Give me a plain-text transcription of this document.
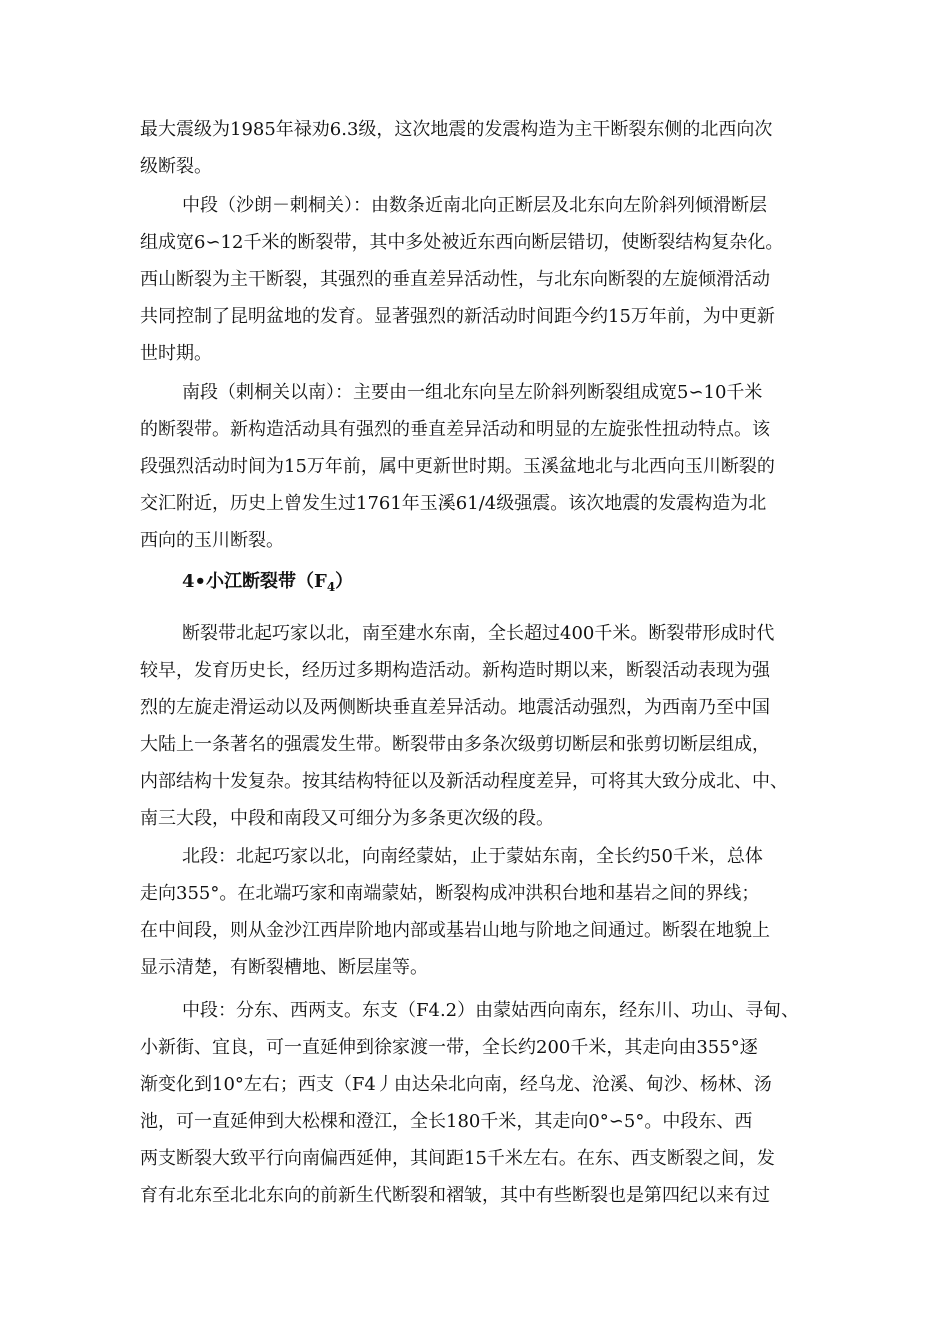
最大震级为1985年禄劝6.3级，这次地震的发震构造为主干断裂东侧的北西向次
级断裂。
中段（沙朗－剌桐关）：由数条近南北向正断层及北东向左阶斜列倾滑断层
组成宽6∽12千米的断裂带，其中多处被近东西向断层错切，使断裂结构复杂化。
西山断裂为主干断裂，其强烈的垂直差异活动性，与北东向断裂的左旋倾滑活动
共同控制了昆明盆地的发育。显著强烈的新活动时间距今约15万年前，为中更新
世时期。
南段（剌桐关以南）：主要由一组北东向呈左阶斜列断裂组成宽5∽10千米
的断裂带。新构造活动具有强烈的垂直差异活动和明显的左旋张性扭动特点。该
段强烈活动时间为15万年前，属中更新世时期。玉溪盆地北与北西向玉川断裂的
交汇附近，历史上曾发生过1761年玉溪61/4级强震。该次地震的发震构造为北
西向的玉川断裂。
4•小江断裂带$(F_4)$
断裂带北起巧家以北，南至建水东南，全长超过400千米。断裂带形成时代
较早，发育历史长，经历过多期构造活动。新构造时期以来，断裂活动表现为强
烈的左旋走滑运动以及两侧断块垂直差异活动。地震活动强烈，为西南乃至中国
大陆上一条著名的强震发生带。断裂带由多条次级剪切断层和张剪切断层组成，
内部结构十发复杂。按其结构特征以及新活动程度差异，可将其大致分成北、中、
南三大段，中段和南段又可细分为多条更次级的段。
北段：北起巧家以北，向南经蒙姑，止于蒙姑东南，全长约50千米，总体
走向355°。在北端巧家和南端蒙姑，断裂构成冲洪积台地和基岩之间的界线；
在中间段，则从金沙江西岸阶地内部或基岩山地与阶地之间通过。断裂在地貌上
显示清楚，有断裂槽地、断层崖等。
中段：分东、西两支。东支（F4.2）由蒙姑西向南东，经东川、功山、寻甸、
小新街、宜良，可一直延伸到徐家渡一带，全长约200千米，其走向由355°逐
渐变化到10°左右；西支（F4丿由达朵北向南，经乌龙、沧溪、甸沙、杨林、汤
池，可一直延伸到大松棵和澄江，全长180千米，其走向0°∽5°。中段东、西
两支断裂大致平行向南偏西延伸，其间距15千米左右。在东、西支断裂之间，发
育有北东至北北东向的前新生代断裂和褶皱，其中有些断裂也是第四纪以来有过
